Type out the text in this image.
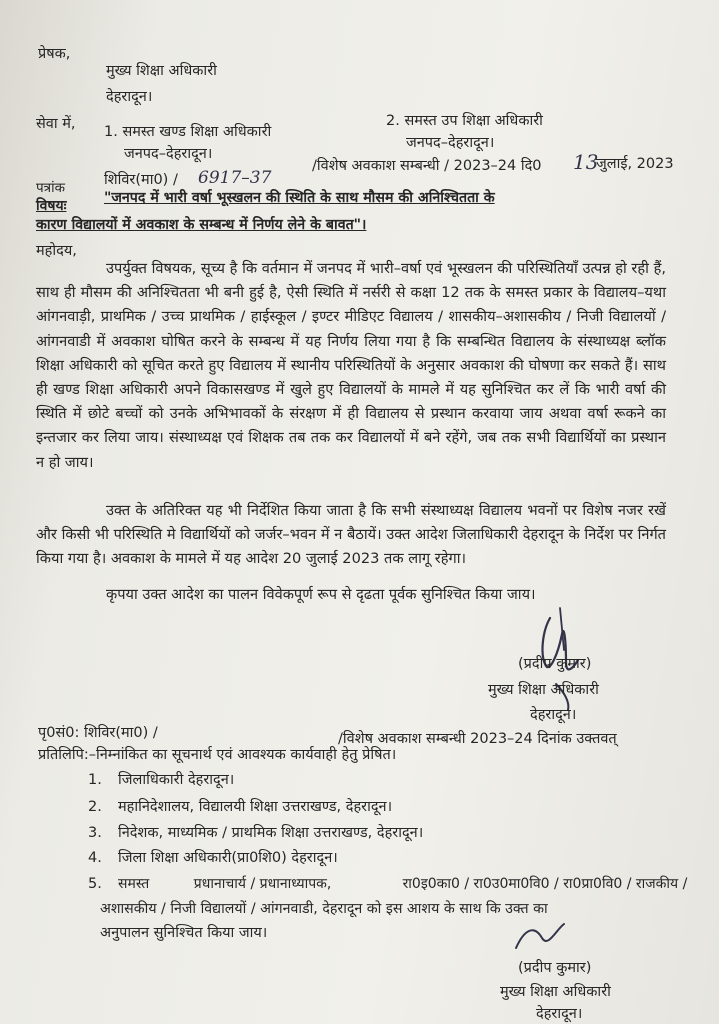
प्रेषक,
मुख्य शिक्षा अधिकारी
देहरादून।
सेवा में, 1. समस्त खण्ड शिक्षा अधिकारी
जनपद–देहरादून।
2. समस्त उप शिक्षा अधिकारी
जनपद–देहरादून।
पत्रांक	शिविर(मा0) / 6917–37
/विशेष अवकाश सम्बन्धी / 2023–24 दि0 13
जुलाई, 2023
विषयः	"जनपद में भारी वर्षा भूस्खलन की स्थिति के साथ मौसम की अनिश्चितता के
कारण विद्यालयों में अवकाश के सम्बन्ध में निर्णय लेने के बावत"।
महोदय,
उपर्युक्त विषयक, सूच्य है कि वर्तमान में जनपद में भारी–वर्षा एवं भूस्खलन की परिस्थितियाँ उत्पन्न हो रही हैं, साथ ही मौसम की अनिश्चितता भी बनी हुई है, ऐसी स्थिति में नर्सरी से कक्षा 12 तक के समस्त प्रकार के विद्यालय–यथा आंगनवाड़ी, प्राथमिक / उच्च प्राथमिक / हाईस्कूल / इण्टर मीडिएट विद्यालय / शासकीय–अशासकीय / निजी विद्यालयों / आंगनवाडी में अवकाश घोषित करने के सम्बन्ध में यह निर्णय लिया गया है कि सम्बन्धित विद्यालय के संस्थाध्यक्ष ब्लॉक शिक्षा अधिकारी को सूचित करते हुए विद्यालय में स्थानीय परिस्थितियों के अनुसार अवकाश की घोषणा कर सकते हैं। साथ ही खण्ड शिक्षा अधिकारी अपने विकासखण्ड में खुले हुए विद्यालयों के मामले में यह सुनिश्चित कर लें कि भारी वर्षा की स्थिति में छोटे बच्चों को उनके अभिभावकों के संरक्षण में ही विद्यालय से प्रस्थान करवाया जाय अथवा वर्षा रूकने का इन्तजार कर लिया जाय। संस्थाध्यक्ष एवं शिक्षक तब तक कर विद्यालयों में बने रहेंगे, जब तक सभी विद्यार्थियों का प्रस्थान न हो जाय।
उक्त के अतिरिक्त यह भी निर्देशित किया जाता है कि सभी संस्थाध्यक्ष विद्यालय भवनों पर विशेष नजर रखें और किसी भी परिस्थिति मे विद्यार्थियों को जर्जर–भवन में न बैठायें। उक्त आदेश जिलाधिकारी देहरादून के निर्देश पर निर्गत किया गया है। अवकाश के मामले में यह आदेश 20 जुलाई 2023 तक लागू रहेगा।
कृपया उक्त आदेश का पालन विवेकपूर्ण रूप से दृढता पूर्वक सुनिश्चित किया जाय।
(प्रदीप कुमार)
मुख्य शिक्षा अधिकारी
देहरादून।
पृ0सं0: शिविर(मा0) /	/विशेष अवकाश सम्बन्धी 2023–24 दिनांक उक्तवत्
प्रतिलिपि:–निम्नांकित का सूचनार्थ एवं आवश्यक कार्यवाही हेतु प्रेषित।
1. जिलाधिकारी देहरादून।
2. महानिदेशालय, विद्यालयी शिक्षा उत्तराखण्ड, देहरादून।
3. निदेशक, माध्यमिक / प्राथमिक शिक्षा उत्तराखण्ड, देहरादून।
4. जिला शिक्षा अधिकारी(प्रा0शि0) देहरादून।
5. समस्त          प्रधानाचार्य / प्रधानाध्यापक,                रा0इ0का0 / रा0उ0मा0वि0 / रा0प्रा0वि0 / राजकीय /
अशासकीय / निजी विद्यालयों / आंगनवाडी, देहरादून को इस आशय के साथ कि उक्त का
अनुपालन सुनिश्चित किया जाय।
(प्रदीप कुमार)
मुख्य शिक्षा अधिकारी
देहरादून।
